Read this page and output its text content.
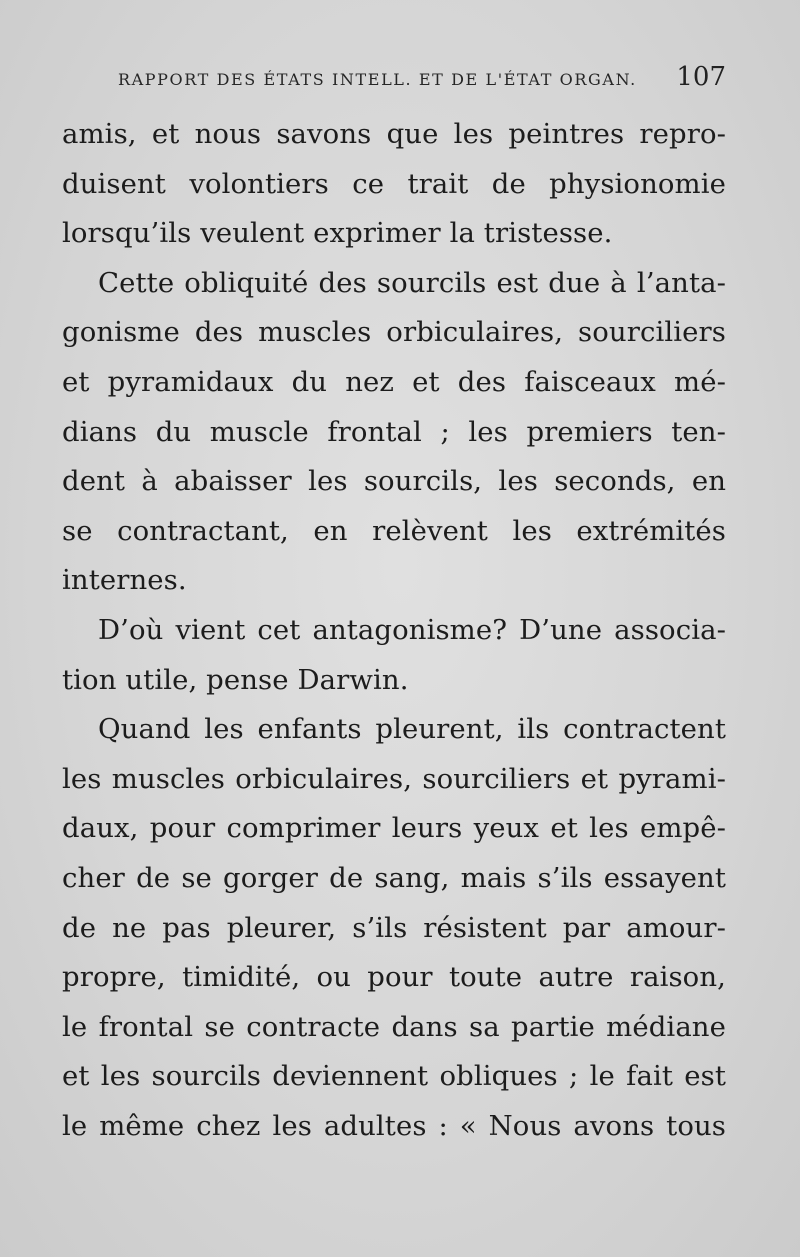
RAPPORT DES ÉTATS INTELL. ET DE L'ÉTAT ORGAN. 107
amis, et nous savons que les peintres repro-
duisent volontiers ce trait de physionomie
lorsqu’ils veulent exprimer la tristesse.
Cette obliquité des sourcils est due à l’anta-
gonisme des muscles orbiculaires, sourciliers
et pyramidaux du nez et des faisceaux mé-
dians du muscle frontal ; les premiers ten-
dent à abaisser les sourcils, les seconds, en
se contractant, en relèvent les extrémités
internes.
D’où vient cet antagonisme? D’une associa-
tion utile, pense Darwin.
Quand les enfants pleurent, ils contractent
les muscles orbiculaires, sourciliers et pyrami-
daux, pour comprimer leurs yeux et les empê-
cher de se gorger de sang, mais s’ils essayent
de ne pas pleurer, s’ils résistent par amour-
propre, timidité, ou pour toute autre raison,
le frontal se contracte dans sa partie médiane
et les sourcils deviennent obliques ; le fait est
le même chez les adultes : « Nous avons tous
